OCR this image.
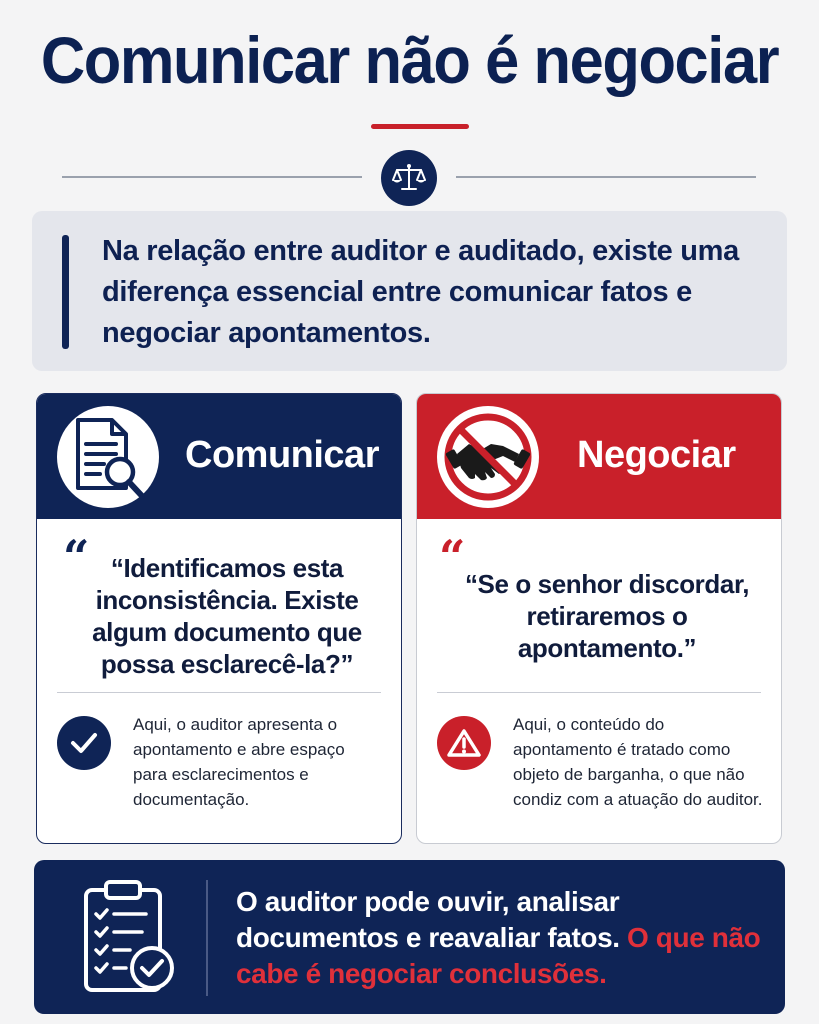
Comunicar não é negociar
Na relação entre auditor e auditado, existe uma diferença essencial entre comunicar fatos e negociar apontamentos.
Comunicar
“ “Identificamos esta inconsistência. Existe algum documento que possa esclarecê-la?”
Aqui, o auditor apresenta o apontamento e abre espaço para esclarecimentos e documentação.
Negociar
“ “Se o senhor discordar, retiraremos o apontamento.”
Aqui, o conteúdo do apontamento é tratado como objeto de barganha, o que não condiz com a atuação do auditor.
O auditor pode ouvir, analisar documentos e reavaliar fatos. O que não cabe é negociar conclusões.
